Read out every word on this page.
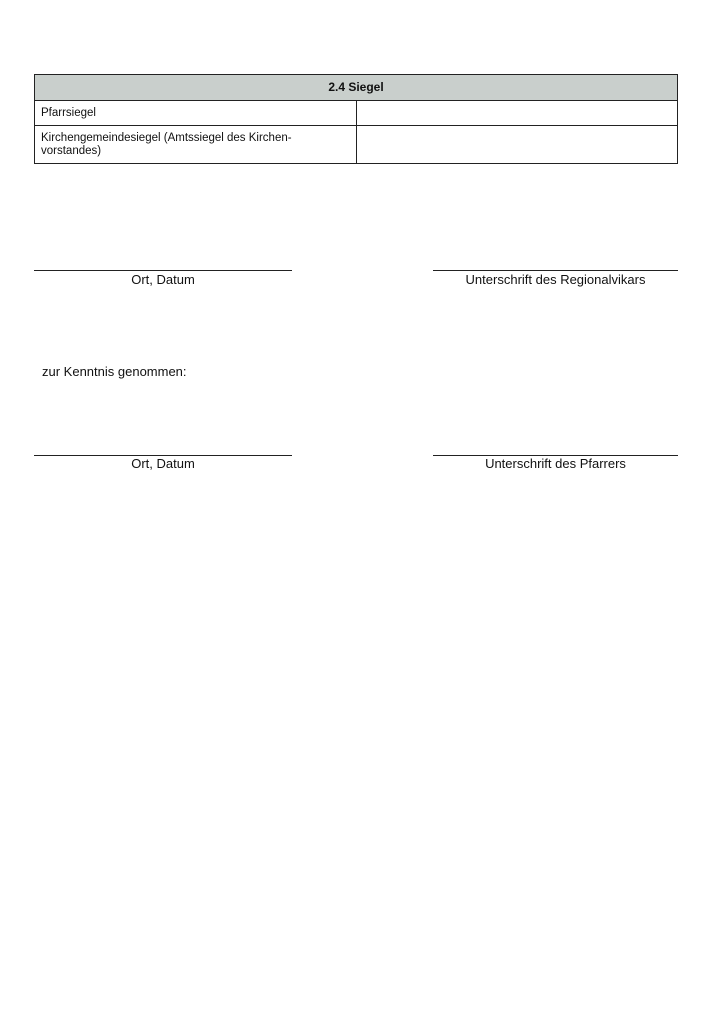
2.4 Siegel	
Pfarrsiegel	
Kirchengemeindesiegel (Amtssiegel des Kirchen-
vorstandes)	
Ort, Datum	Unterschrift des Regionalvikars
zur Kenntnis genommen:
Ort, Datum	Unterschrift des Pfarrers
